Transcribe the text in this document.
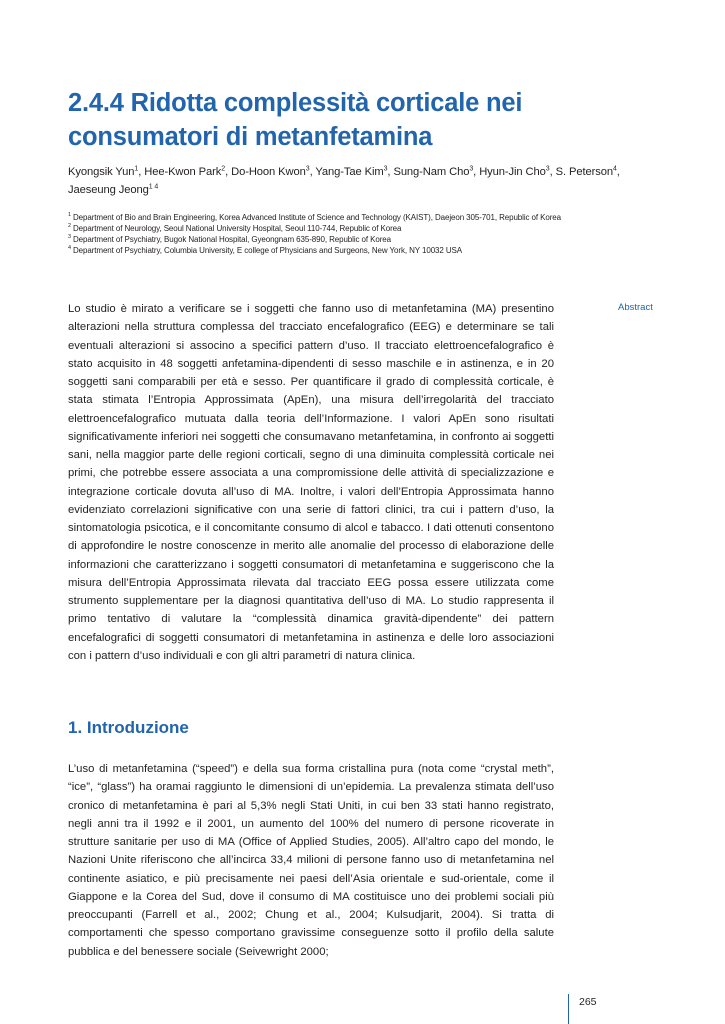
2.4.4 Ridotta complessità corticale nei consumatori di metanfetamina
Kyongsik Yun$^1$, Hee-Kwon Park$^2$, Do-Hoon Kwon$^3$, Yang-Tae Kim$^3$, Sung-Nam Cho$^3$, Hyun-Jin Cho$^3$, S. Peterson$^4$,
Jaeseung Jeong$^{1 4}$

$^1$ Department of Bio and Brain Engineering, Korea Advanced Institute of Science and Technology (KAIST), Daejeon 305-701, Republic of Korea

$^2$ Department of Neurology, Seoul National University Hospital, Seoul 110-744, Republic of Korea

$^3$ Department of Psychiatry, Bugok National Hospital, Gyeongnam 635-890, Republic of Korea

$^4$ Department of Psychiatry, Columbia University, E college of Physicians and Surgeons, New York, NY 10032 USA

Abstract

Lo studio è mirato a verificare se i soggetti che fanno uso di metanfetamina (MA) presentino alterazioni nella struttura complessa del tracciato encefalografico (EEG) e determinare se tali eventuali alterazioni si associno a specifici pattern d’uso. Il tracciato elettroencefalografico è stato acquisito in 48 soggetti anfetamina-dipendenti di sesso maschile e in astinenza, e in 20 soggetti sani comparabili per età e sesso. Per quantificare il grado di complessità corticale, è stata stimata l’Entropia Approssimata (ApEn), una misura dell’irregolarità del tracciato elettroencefalografico mutuata dalla teoria dell’Informazione. I valori ApEn sono risultati significativamente inferiori nei soggetti che consumavano metanfetamina, in confronto ai soggetti sani, nella maggior parte delle regioni corticali, segno di una diminuita complessità corticale nei primi, che potrebbe essere associata a una compromissione delle attività di specializzazione e integrazione corticale dovuta all’uso di MA. Inoltre, i valori dell’Entropia Approssimata hanno evidenziato correlazioni significative con una serie di fattori clinici, tra cui i pattern d’uso, la sintomatologia psicotica, e il concomitante consumo di alcol e tabacco. I dati ottenuti consentono di approfondire le nostre conoscenze in merito alle anomalie del processo di elaborazione delle informazioni che caratterizzano i soggetti consumatori di metanfetamina e suggeriscono che la misura dell’Entropia Approssimata rilevata dal tracciato EEG possa essere utilizzata come strumento supplementare per la diagnosi quantitativa dell’uso di MA. Lo studio rappresenta il primo tentativo di valutare la “complessità dinamica gravità-dipendente” dei pattern encefalografici di soggetti consumatori di metanfetamina in astinenza e delle loro associazioni con i pattern d’uso individuali e con gli altri parametri di natura clinica.

1. Introduzione

L’uso di metanfetamina (“speed”) e della sua forma cristallina pura (nota come “crystal meth”, “ice”, “glass”) ha oramai raggiunto le dimensioni di un’epidemia. La prevalenza stimata dell’uso cronico di metanfetamina è pari al 5,3% negli Stati Uniti, in cui ben 33 stati hanno registrato, negli anni tra il 1992 e il 2001, un aumento del 100% del numero di persone ricoverate in strutture sanitarie per uso di MA (Office of Applied Studies, 2005). All’altro capo del mondo, le Nazioni Unite riferiscono che all’incirca 33,4 milioni di persone fanno uso di metanfetamina nel continente asiatico, e più precisamente nei paesi dell’Asia orientale e sud-orientale, come il Giappone e la Corea del Sud, dove il consumo di MA costituisce uno dei problemi sociali più preoccupanti (Farrell et al., 2002; Chung et al., 2004; Kulsudjarit, 2004). Si tratta di comportamenti che spesso comportano gravissime conseguenze sotto il profilo della salute pubblica e del benessere sociale (Seivewright 2000;

265
